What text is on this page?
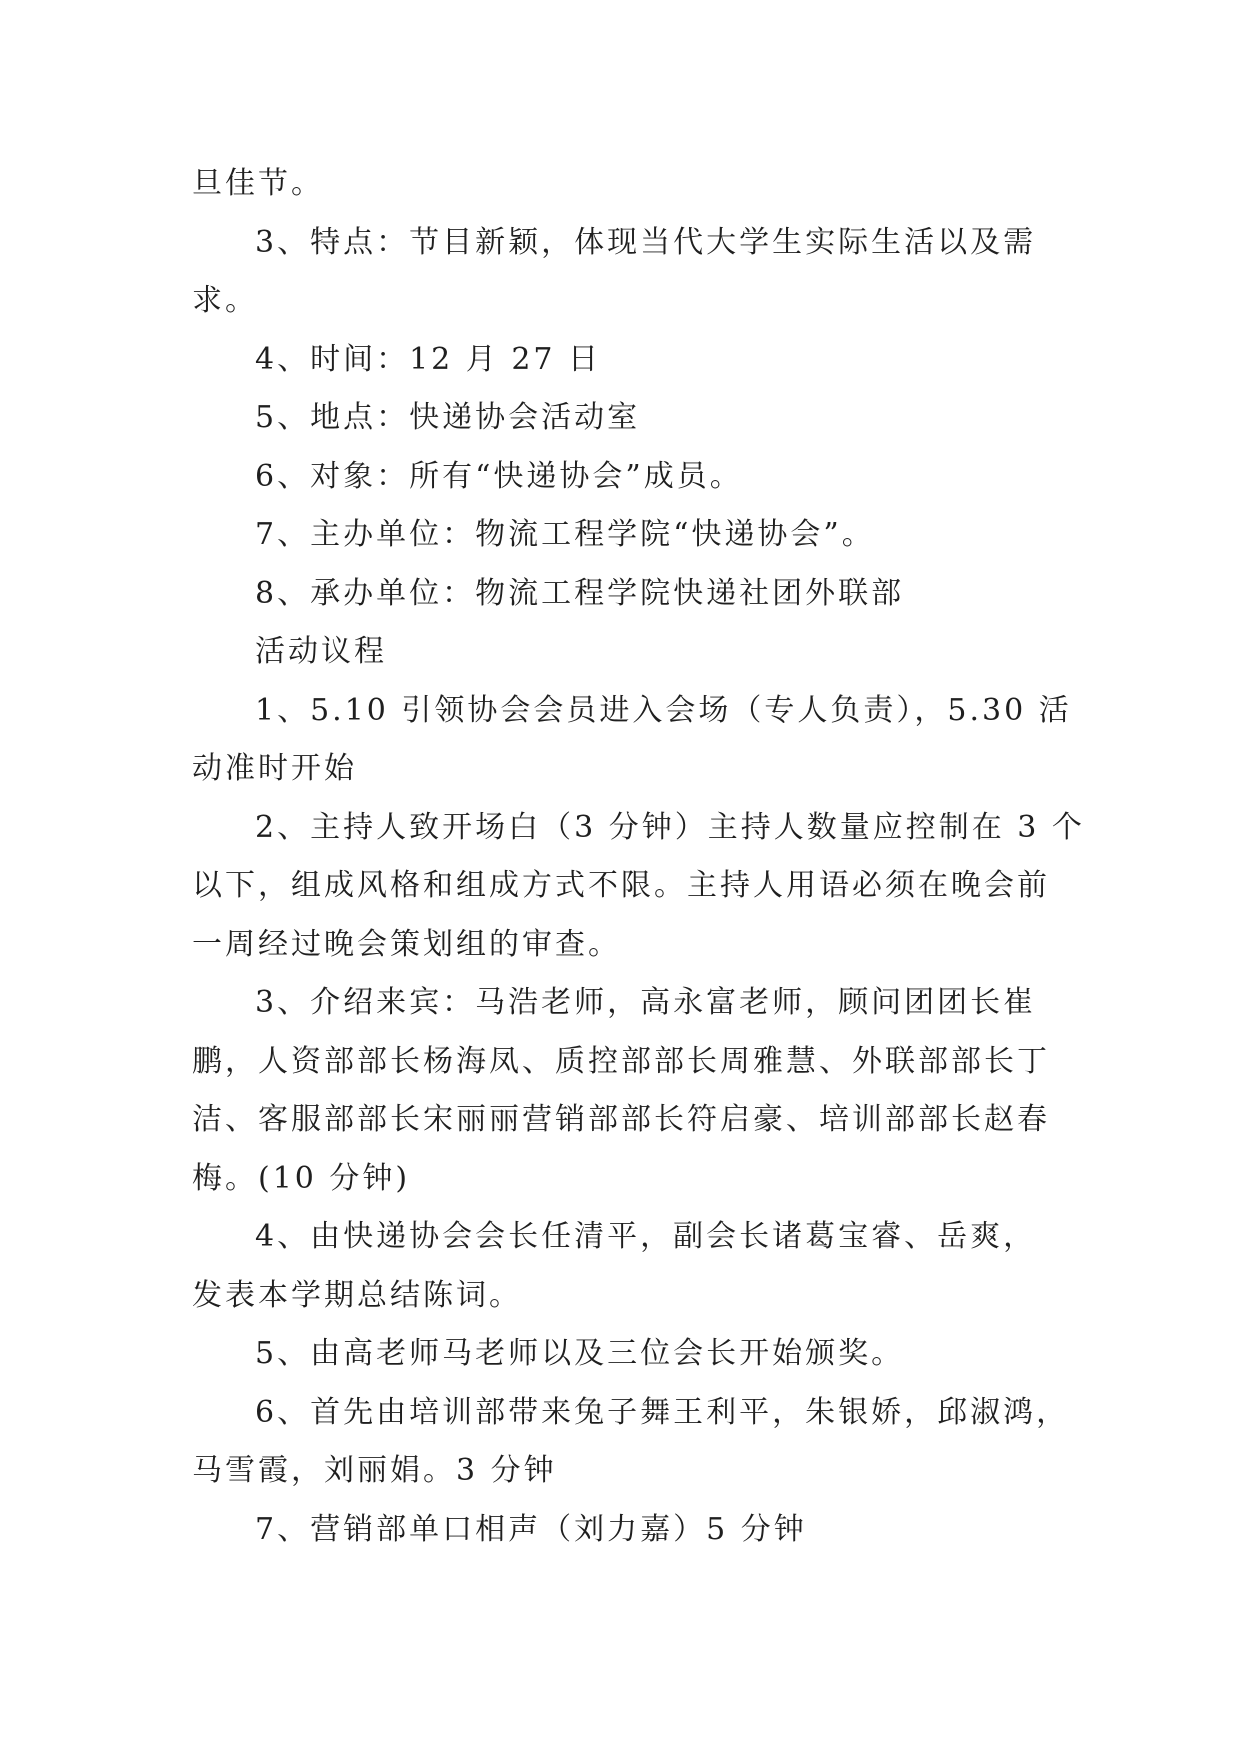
旦佳节。
3、特点：节目新颖，体现当代大学生实际生活以及需
求。
4、时间：12 月 27 日
5、地点：快递协会活动室
6、对象：所有“快递协会”成员。
7、主办单位：物流工程学院“快递协会”。
8、承办单位：物流工程学院快递社团外联部
活动议程
1、5.10 引领协会会员进入会场（专人负责），5.30 活
动准时开始
2、主持人致开场白（3 分钟）主持人数量应控制在 3 个
以下，组成风格和组成方式不限。主持人用语必须在晚会前
一周经过晚会策划组的审查。
3、介绍来宾：马浩老师，高永富老师，顾问团团长崔
鹏，人资部部长杨海凤、质控部部长周雅慧、外联部部长丁
洁、客服部部长宋丽丽营销部部长符启豪、培训部部长赵春
梅。(10 分钟)
4、由快递协会会长任清平，副会长诸葛宝睿、岳爽，
发表本学期总结陈词。
5、由高老师马老师以及三位会长开始颁奖。
6、首先由培训部带来兔子舞王利平，朱银娇，邱淑鸿，
马雪霞，刘丽娟。3 分钟
7、营销部单口相声（刘力嘉）5 分钟
